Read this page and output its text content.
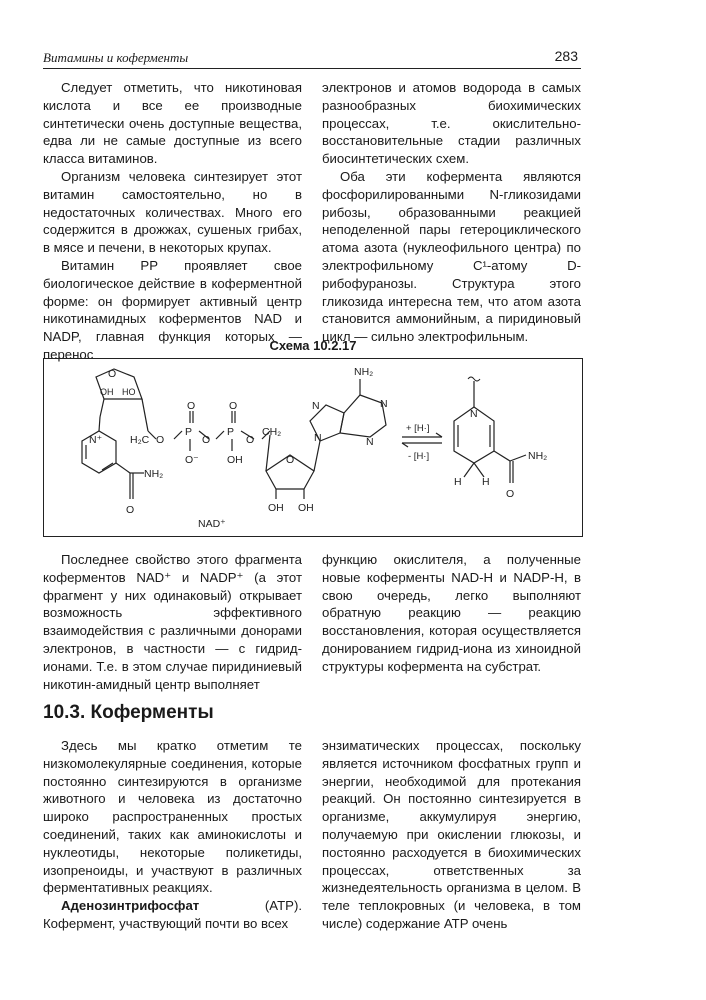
Витамины и коферменты	283

Следует отметить, что никотиновая кислота и все ее производные синтетически очень доступные вещества, едва ли не самые доступные из всего класса витаминов.

Организм человека синтезирует этот витамин самостоятельно, но в недостаточных количествах. Много его содержится в дрожжах, сушеных грибах, в мясе и печени, в некоторых крупах.

Витамин PP проявляет свое биологическое действие в коферментной форме: он формирует активный центр никотинамидных коферментов NAD и NADP, главная функция которых — перенос

электронов и атомов водорода в самых разнообразных биохимических процессах, т.е. окислительно-восстановительные стадии различных биосинтетических схем.

Оба эти кофермента являются фосфорилированными N-гликозидами рибозы, образованными реакцией неподеленной пары гетероциклического атома азота (нуклеофильного центра) по электрофильному C¹-атому D-рибофуранозы. Структура этого гликозида интересна тем, что атом азота становится аммонийным, а пиридиновый цикл — сильно электрофильным.

Схема 10.2.17
O
OH HO
N⁺
NH₂
O
H₂C O
P
O
O⁻
O
P
O
OH
O
CH₂
O
OH OH
NH₂
N
N
N
N
NAD⁺
+ [H·]
- [H·]
N
H H
NH₂
O

Последнее свойство этого фрагмента коферментов NAD⁺ и NADP⁺ (а этот фрагмент у них одинаковый) открывает возможность эффективного взаимодействия с различными донорами электронов, в частности — с гидрид-ионами. Т.е. в этом случае пиридиниевый никотин-амидный центр выполняет

функцию окислителя, а полученные новые коферменты NAD-H и NADP-H, в свою очередь, легко выполняют обратную реакцию — реакцию восстановления, которая осуществляется донированием гидрид-иона из хиноидной структуры кофермента на субстрат.

10.3. Коферменты

Здесь мы кратко отметим те низкомолекулярные соединения, которые постоянно синтезируются в организме животного и человека из достаточно широко распространенных простых соединений, таких как аминокислоты и нуклеотиды, некоторые поликетиды, изопреноиды, и участвуют в различных ферментативных реакциях.

Аденозинтрифосфат (ATP). Кофермент, участвующий почти во всех

энзиматических процессах, поскольку является источником фосфатных групп и энергии, необходимой для протекания реакций. Он постоянно синтезируется в организме, аккумулируя энергию, получаемую при окислении глюкозы, и постоянно расходуется в биохимических процессах, ответственных за жизнедеятельность организма в целом. В теле теплокровных (и человека, в том числе) содержание ATP очень
